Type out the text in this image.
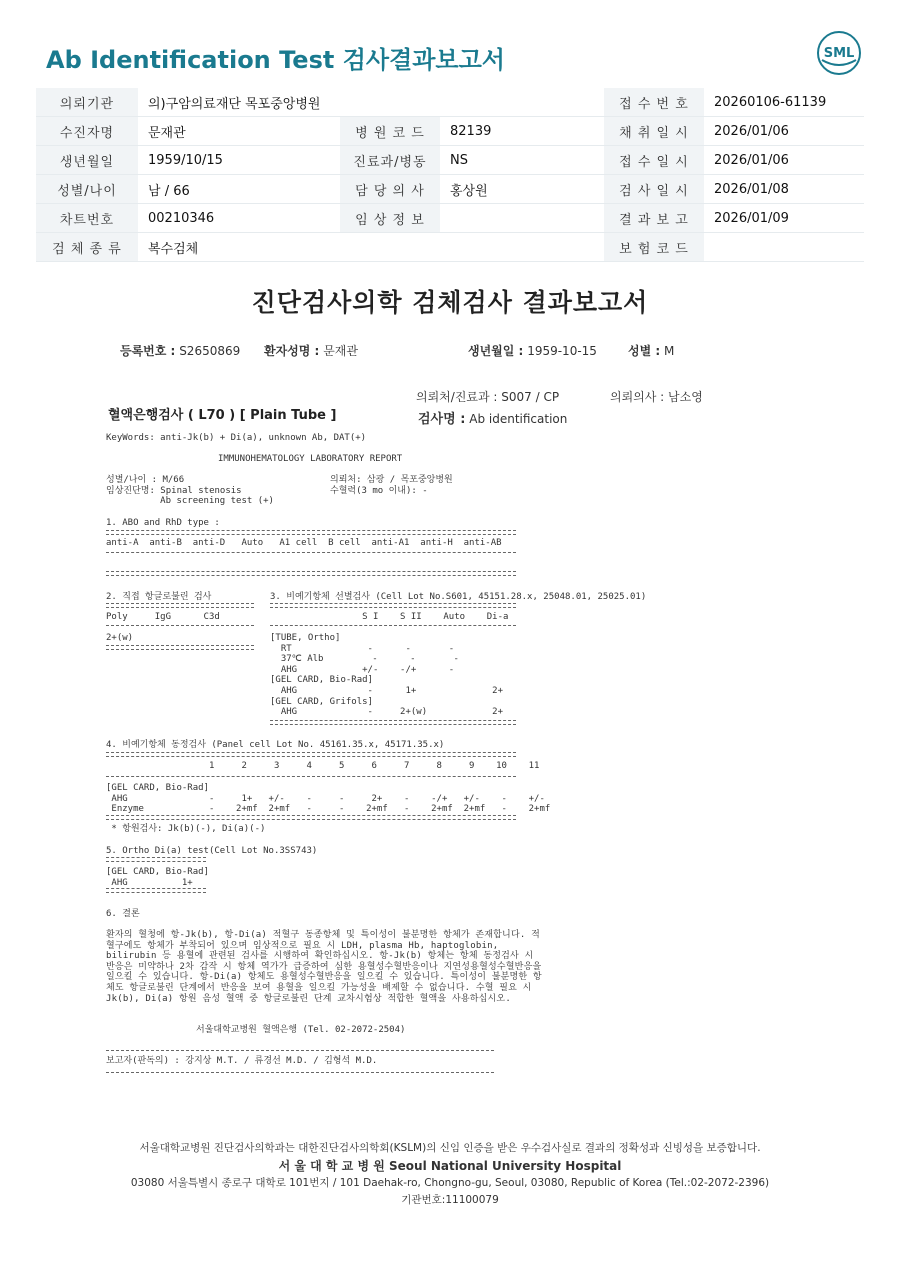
Ab Identification Test 검사결과보고서	SML
의뢰기관	의)구암의료재단 목포중앙병원			접 수 번 호	20260106-61139
수진자명	문재관	병 원 코 드	82139	채 취 일 시	2026/01/06
생년월일	1959/10/15	진료과/병동	NS	접 수 일 시	2026/01/06
성별/나이	남 / 66	담 당 의 사	홍상원	검 사 일 시	2026/01/08
차트번호	00210346	임 상 정 보		결 과 보 고	2026/01/09
검 체 종 류	복수검체			보 험 코 드	
진단검사의학 검체검사 결과보고서
등록번호 : S2650869 환자성명 : 문재관	생년월일 : 1959-10-15	성별 : M
의뢰처/진료과 : S007 / CP	의뢰의사 : 남소영
혈액은행검사 ( L70 ) [ Plain Tube ]	검사명 : Ab identification
KeyWords: anti-Jk(b) + Di(a), unknown Ab, DAT(+)
IMMUNOHEMATOLOGY LABORATORY REPORT
성별/나이 : M/66
임상진단명: Spinal stenosis
Ab screening test (+)
의뢰처: 삼광 / 목포중앙병원
수혈력(3 mo 이내): -
1. ABO and RhD type :
anti-A  anti-B  anti-D   Auto   A1 cell  B cell  anti-A1  anti-H  anti-AB
2. 직접 항글로불린 검사
Poly     IgG      C3d
2+(w)
3. 비예기항체 선별검사 (Cell Lot No.S601, 45151.28.x, 25048.01, 25025.01)
S I    S II    Auto    Di-a
[TUBE, Ortho]
RT              -      -       -
37℃ Alb         -      -       -
AHG            +/-    -/+      -
[GEL CARD, Bio-Rad]
AHG             -      1+              2+
[GEL CARD, Grifols]
AHG             -     2+(w)            2+
4. 비예기항체 동정검사 (Panel cell Lot No. 45161.35.x, 45171.35.x)
1     2     3     4     5     6     7     8     9    10    11
[GEL CARD, Bio-Rad]
AHG               -     1+   +/-    -     -     2+    -    -/+   +/-    -    +/-
Enzyme            -    2+mf  2+mf   -     -    2+mf   -    2+mf  2+mf   -    2+mf
* 항원검사: Jk(b)(-), Di(a)(-)
5. Ortho Di(a) test(Cell Lot No.3SS743)
[GEL CARD, Bio-Rad]
AHG          1+
6. 결론
환자의 혈청에 항-Jk(b), 항-Di(a) 적혈구 동종항체 및 특이성이 불분명한 항체가 존재합니다. 적혈구에도 항체가 부착되어 있으며 임상적으로 필요 시 LDH, plasma Hb, haptoglobin, bilirubin 등 용혈에 관련된 검사를 시행하여 확인하십시오. 항-Jk(b) 항체는 항체 동정검사 시 반응은 미약하나 2차 감작 시 항체 역가가 급증하여 심한 용혈성수혈반응이나 지연성용혈성수혈반응을 일으킬 수 있습니다. 항-Di(a) 항체도 용혈성수혈반응을 일으킬 수 있습니다. 특이성이 불분명한 항체도 항글로불린 단계에서 반응을 보여 용혈을 일으킬 가능성을 배제할 수 없습니다. 수혈 필요 시 Jk(b), Di(a) 항원 음성 혈액 중 항글로불린 단계 교차시험상 적합한 혈액을 사용하십시오.
서울대학교병원 혈액은행 (Tel. 02-2072-2504)
보고자(판독의) : 강지상 M.T. / 류경선 M.D. / 김형석 M.D.
서울대학교병원 진단검사의학과는 대한진단검사의학회(KSLM)의 신임 인증을 받은 우수검사실로 결과의 정확성과 신빙성을 보증합니다.
서 울 대 학 교 병 원 Seoul National University Hospital
03080 서울특별시 종로구 대학로 101번지 / 101 Daehak-ro, Chongno-gu, Seoul, 03080, Republic of Korea (Tel.:02-2072-2396)
기관번호:11100079
